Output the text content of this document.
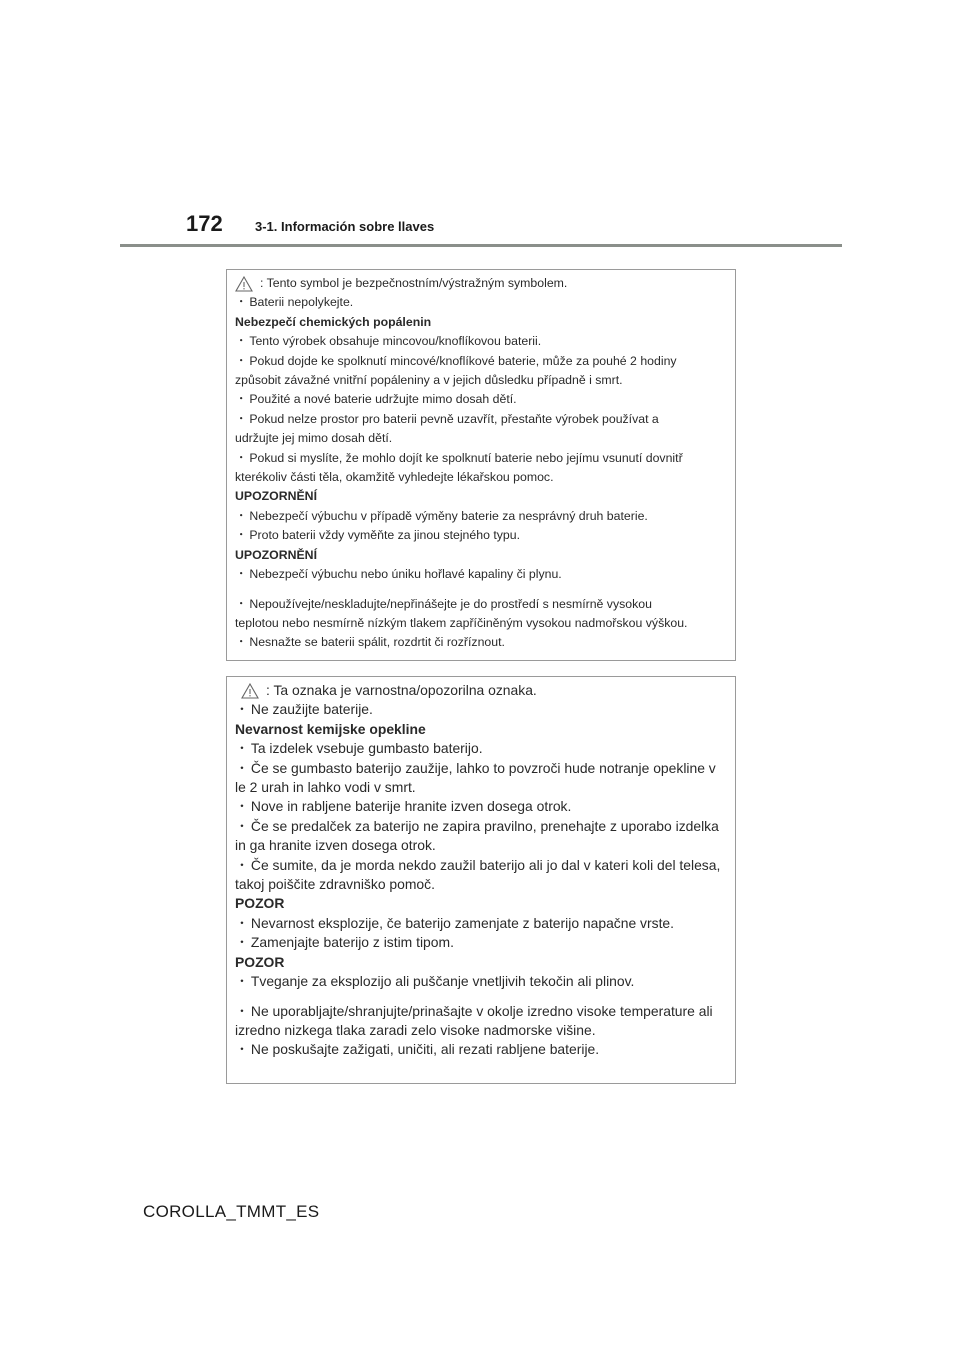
172 3-1. Información sobre llaves
: Tento symbol je bezpečnostním/výstražným symbolem.
・ Baterii nepolykejte.
Nebezpečí chemických popálenin
・ Tento výrobek obsahuje mincovou/knoflíkovou baterii.
・ Pokud dojde ke spolknutí mincové/knoflíkové baterie, může za pouhé 2 hodiny
způsobit závažné vnitřní popáleniny a v jejich důsledku případně i smrt.
・ Použité a nové baterie udržujte mimo dosah dětí.
・ Pokud nelze prostor pro baterii pevně uzavřít, přestaňte výrobek používat a
udržujte jej mimo dosah dětí.
・ Pokud si myslíte, že mohlo dojít ke spolknutí baterie nebo jejímu vsunutí dovnitř
kterékoliv části těla, okamžitě vyhledejte lékařskou pomoc.
UPOZORNĚNÍ
・ Nebezpečí výbuchu v případě výměny baterie za nesprávný druh baterie.
・ Proto baterii vždy vyměňte za jinou stejného typu.
UPOZORNĚNÍ
・ Nebezpečí výbuchu nebo úniku hořlavé kapaliny či plynu.
・ Nepoužívejte/neskladujte/nepřinášejte je do prostředí s nesmírně vysokou
teplotou nebo nesmírně nízkým tlakem zapříčiněným vysokou nadmořskou výškou.
・ Nesnažte se baterii spálit, rozdrtit či rozříznout.
: Ta oznaka je varnostna/opozorilna oznaka.
・ Ne zaužijte baterije.
Nevarnost kemijske opekline
・ Ta izdelek vsebuje gumbasto baterijo.
・ Če se gumbasto baterijo zaužije, lahko to povzroči hude notranje opekline v
le 2 urah in lahko vodi v smrt.
・ Nove in rabljene baterije hranite izven dosega otrok.
・ Če se predalček za baterijo ne zapira pravilno, prenehajte z uporabo izdelka
in ga hranite izven dosega otrok.
・ Če sumite, da je morda nekdo zaužil baterijo ali jo dal v kateri koli del telesa,
takoj poiščite zdravniško pomoč.
POZOR
・ Nevarnost eksplozije, če baterijo zamenjate z baterijo napačne vrste.
・ Zamenjajte baterijo z istim tipom.
POZOR
・ Tveganje za eksplozijo ali puščanje vnetljivih tekočin ali plinov.
・ Ne uporabljajte/shranjujte/prinašajte v okolje izredno visoke temperature ali
izredno nizkega tlaka zaradi zelo visoke nadmorske višine.
・ Ne poskušajte zažigati, uničiti, ali rezati rabljene baterije.
COROLLA_TMMT_ES
